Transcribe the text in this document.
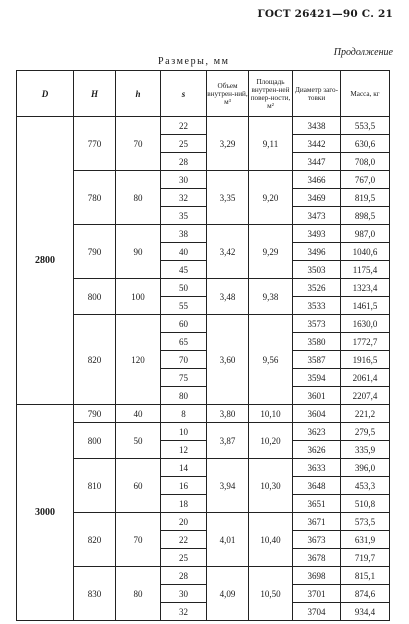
ГОСТ 26421—90 С. 21
Продолжение
Размеры, мм
D	H	h	s	Объем внутрен-ний, м³	Площадь внутрен-ней повер-ности, м²	Диаметр заго-товки	Масса, кг
2800	770	70	22	3,29	9,11	3438	553,5
			25			3442	630,6
			28			3447	708,0
	780	80	30	3,35	9,20	3466	767,0
			32			3469	819,5
			35			3473	898,5
	790	90	38	3,42	9,29	3493	987,0
			40			3496	1040,6
			45			3503	1175,4
	800	100	50	3,48	9,38	3526	1323,4
			55			3533	1461,5
	820	120	60	3,60	9,56	3573	1630,0
			65			3580	1772,7
			70			3587	1916,5
			75			3594	2061,4
			80			3601	2207,4
3000	790	40	8	3,80	10,10	3604	221,2
	800	50	10	3,87	10,20	3623	279,5
			12			3626	335,9
	810	60	14	3,94	10,30	3633	396,0
			16			3648	453,3
			18			3651	510,8
	820	70	20	4,01	10,40	3671	573,5
			22			3673	631,9
			25			3678	719,7
	830	80	28	4,09	10,50	3698	815,1
			30			3701	874,6
			32			3704	934,4
